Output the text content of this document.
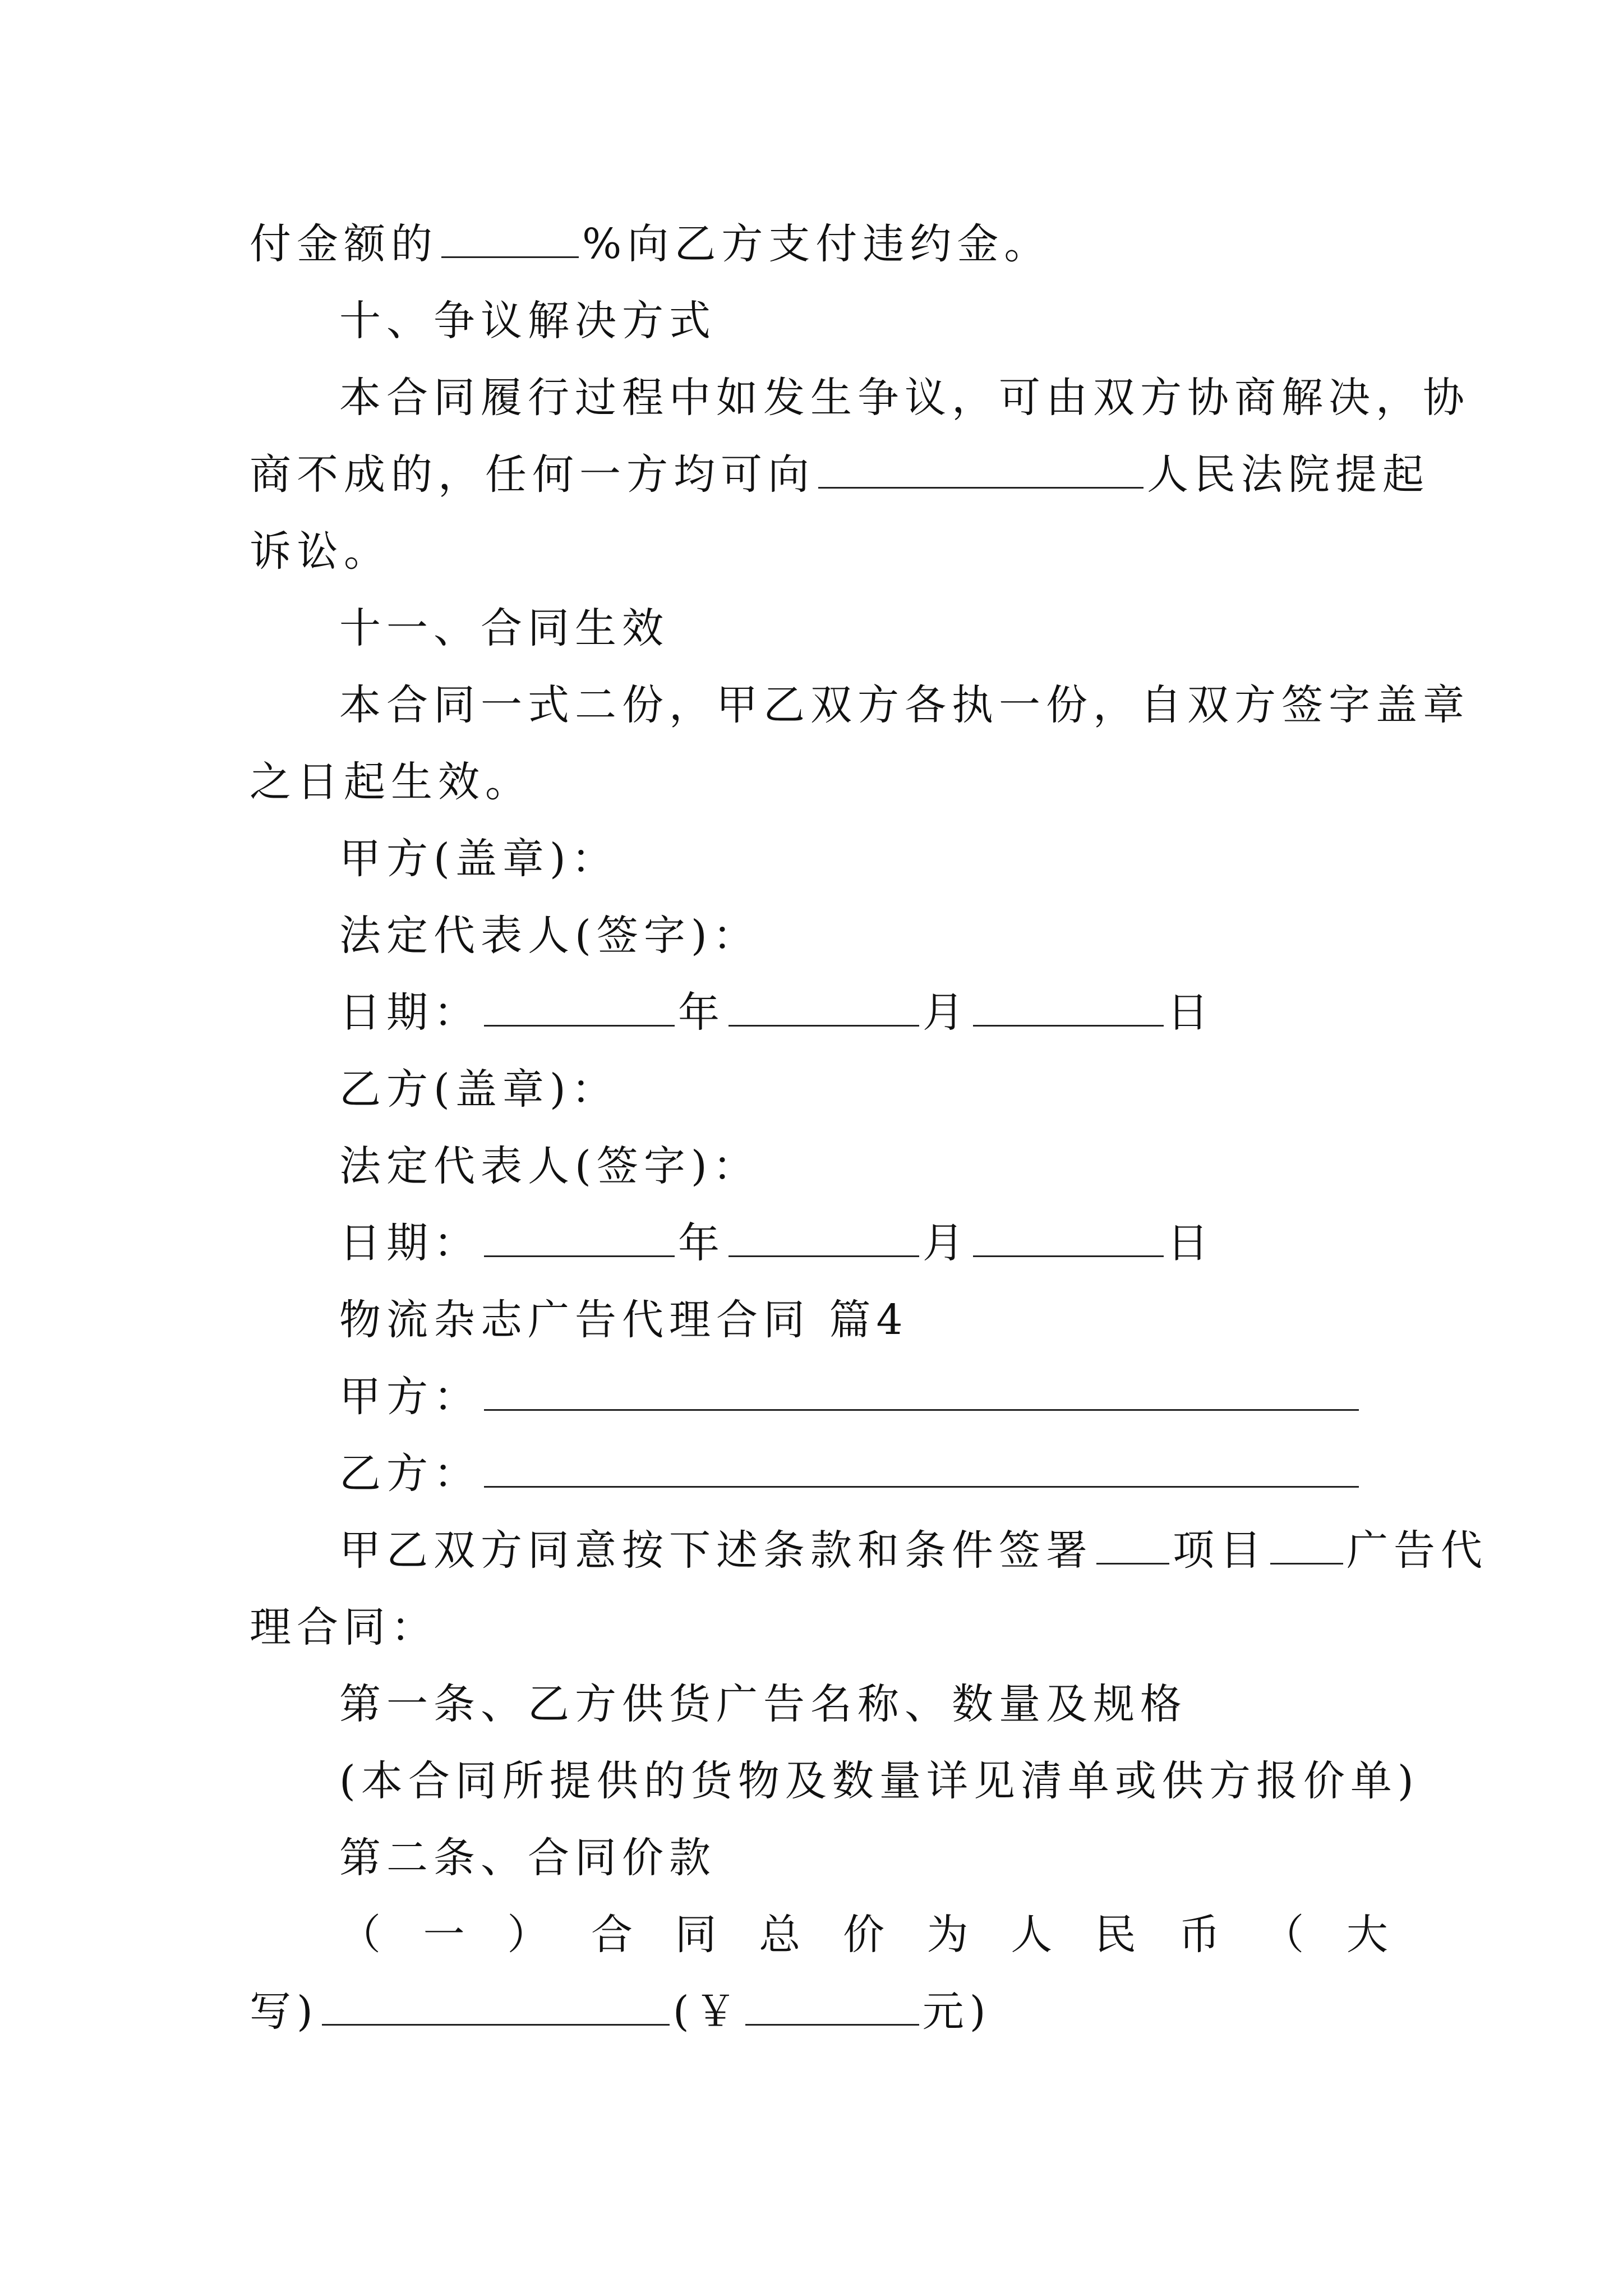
付金额的	%向乙方支付违约金。
十、争议解决方式
本合同履行过程中如发生争议，可由双方协商解决，协
商不成的，任何一方均可向	人民法院提起
诉讼。
十一、合同生效
本合同一式二份，甲乙双方各执一份，自双方签字盖章
之日起生效。
甲方(盖章)：
法定代表人(签字)：
日期：	年	月	日
乙方(盖章)：
法定代表人(签字)：
日期：	年	月	日
物流杂志广告代理合同 篇4
甲方：
乙方：
甲乙双方同意按下述条款和条件签署 项目 广告代
理合同：
第一条、乙方供货广告名称、数量及规格
(本合同所提供的货物及数量详见清单或供方报价单)
第二条、合同价款
（ 一 ） 合 同 总 价 为 人 民 币 （ 大
写)	(￥	元)
